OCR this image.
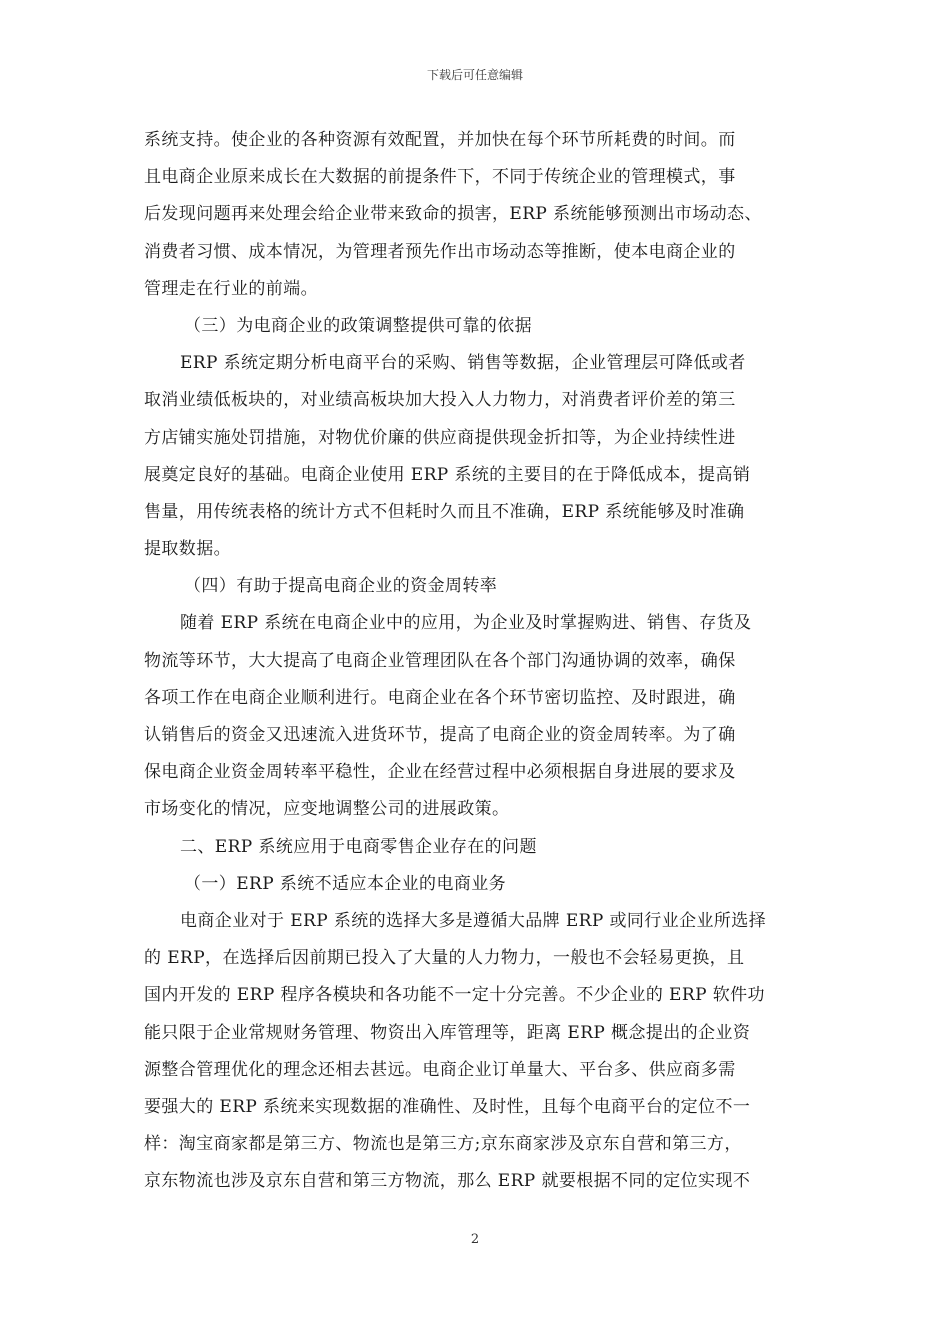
下载后可任意编辑
系统支持。使企业的各种资源有效配置，并加快在每个环节所耗费的时间。而
且电商企业原来成长在大数据的前提条件下，不同于传统企业的管理模式，事
后发现问题再来处理会给企业带来致命的损害，ERP 系统能够预测出市场动态、
消费者习惯、成本情况，为管理者预先作出市场动态等推断，使本电商企业的
管理走在行业的前端。
（三）为电商企业的政策调整提供可靠的依据
ERP 系统定期分析电商平台的采购、销售等数据，企业管理层可降低或者
取消业绩低板块的，对业绩高板块加大投入人力物力，对消费者评价差的第三
方店铺实施处罚措施，对物优价廉的供应商提供现金折扣等，为企业持续性进
展奠定良好的基础。电商企业使用 ERP 系统的主要目的在于降低成本，提高销
售量，用传统表格的统计方式不但耗时久而且不准确，ERP 系统能够及时准确
提取数据。
（四）有助于提高电商企业的资金周转率
随着 ERP 系统在电商企业中的应用，为企业及时掌握购进、销售、存货及
物流等环节，大大提高了电商企业管理团队在各个部门沟通协调的效率，确保
各项工作在电商企业顺利进行。电商企业在各个环节密切监控、及时跟进，确
认销售后的资金又迅速流入进货环节，提高了电商企业的资金周转率。为了确
保电商企业资金周转率平稳性，企业在经营过程中必须根据自身进展的要求及
市场变化的情况，应变地调整公司的进展政策。
二、ERP 系统应用于电商零售企业存在的问题
（一）ERP 系统不适应本企业的电商业务
电商企业对于 ERP 系统的选择大多是遵循大品牌 ERP 或同行业企业所选择
的 ERP，在选择后因前期已投入了大量的人力物力，一般也不会轻易更换，且
国内开发的 ERP 程序各模块和各功能不一定十分完善。不少企业的 ERP 软件功
能只限于企业常规财务管理、物资出入库管理等，距离 ERP 概念提出的企业资
源整合管理优化的理念还相去甚远。电商企业订单量大、平台多、供应商多需
要强大的 ERP 系统来实现数据的准确性、及时性，且每个电商平台的定位不一
样：淘宝商家都是第三方、物流也是第三方;京东商家涉及京东自营和第三方，
京东物流也涉及京东自营和第三方物流，那么 ERP 就要根据不同的定位实现不
2
